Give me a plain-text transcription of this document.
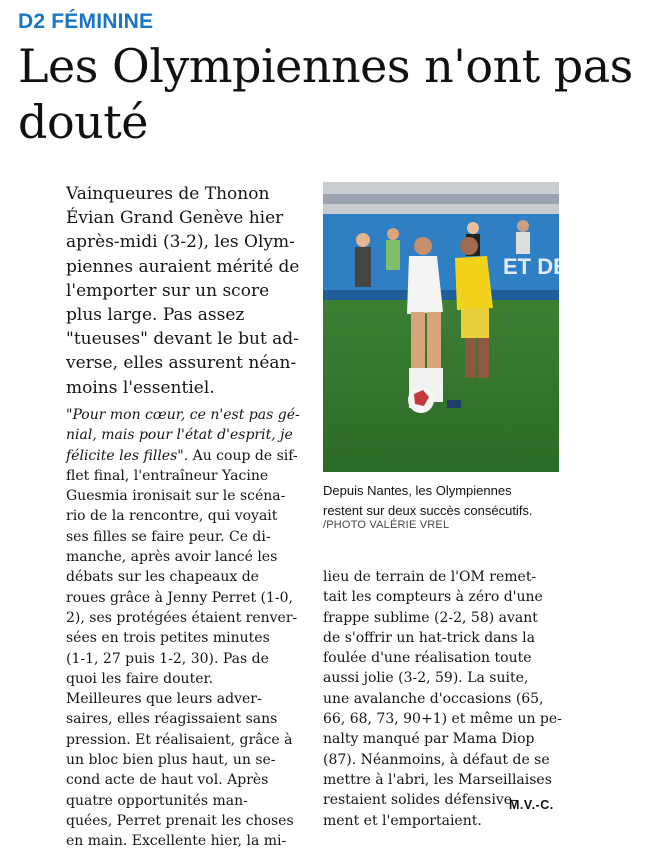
D2 FÉMININE
Les Olympiennes n'ont pas
douté
Vainqueures de Thonon
Évian Grand Genève hier
après-midi (3-2), les Olym-
piennes auraient mérité de
l'emporter sur un score
plus large. Pas assez
"tueuses" devant le but ad-
verse, elles assurent néan-
moins l'essentiel.
"Pour mon cœur, ce n'est pas gé-
nial, mais pour l'état d'esprit, je
félicite les filles". Au coup de sif-
flet final, l'entraîneur Yacine
Guesmia ironisait sur le scéna-
rio de la rencontre, qui voyait
ses filles se faire peur. Ce di-
manche, après avoir lancé les
débats sur les chapeaux de
roues grâce à Jenny Perret (1-0,
2), ses protégées étaient renver-
sées en trois petites minutes
(1-1, 27 puis 1-2, 30). Pas de
quoi les faire douter.
Meilleures que leurs adver-
saires, elles réagissaient sans
pression. Et réalisaient, grâce à
un bloc bien plus haut, un se-
cond acte de haut vol. Après
quatre opportunités man-
quées, Perret prenait les choses
en main. Excellente hier, la mi-
ET DE
Depuis Nantes, les Olympiennes
restent sur deux succès consécutifs.
/PHOTO VALÉRIE VREL
lieu de terrain de l'OM remet-
tait les compteurs à zéro d'une
frappe sublime (2-2, 58) avant
de s'offrir un hat-trick dans la
foulée d'une réalisation toute
aussi jolie (3-2, 59). La suite,
une avalanche d'occasions (65,
66, 68, 73, 90+1) et même un pe-
nalty manqué par Mama Diop
(87). Néanmoins, à défaut de se
mettre à l'abri, les Marseillaises
restaient solides défensive-
ment et l'emportaient.
M.V.-C.
